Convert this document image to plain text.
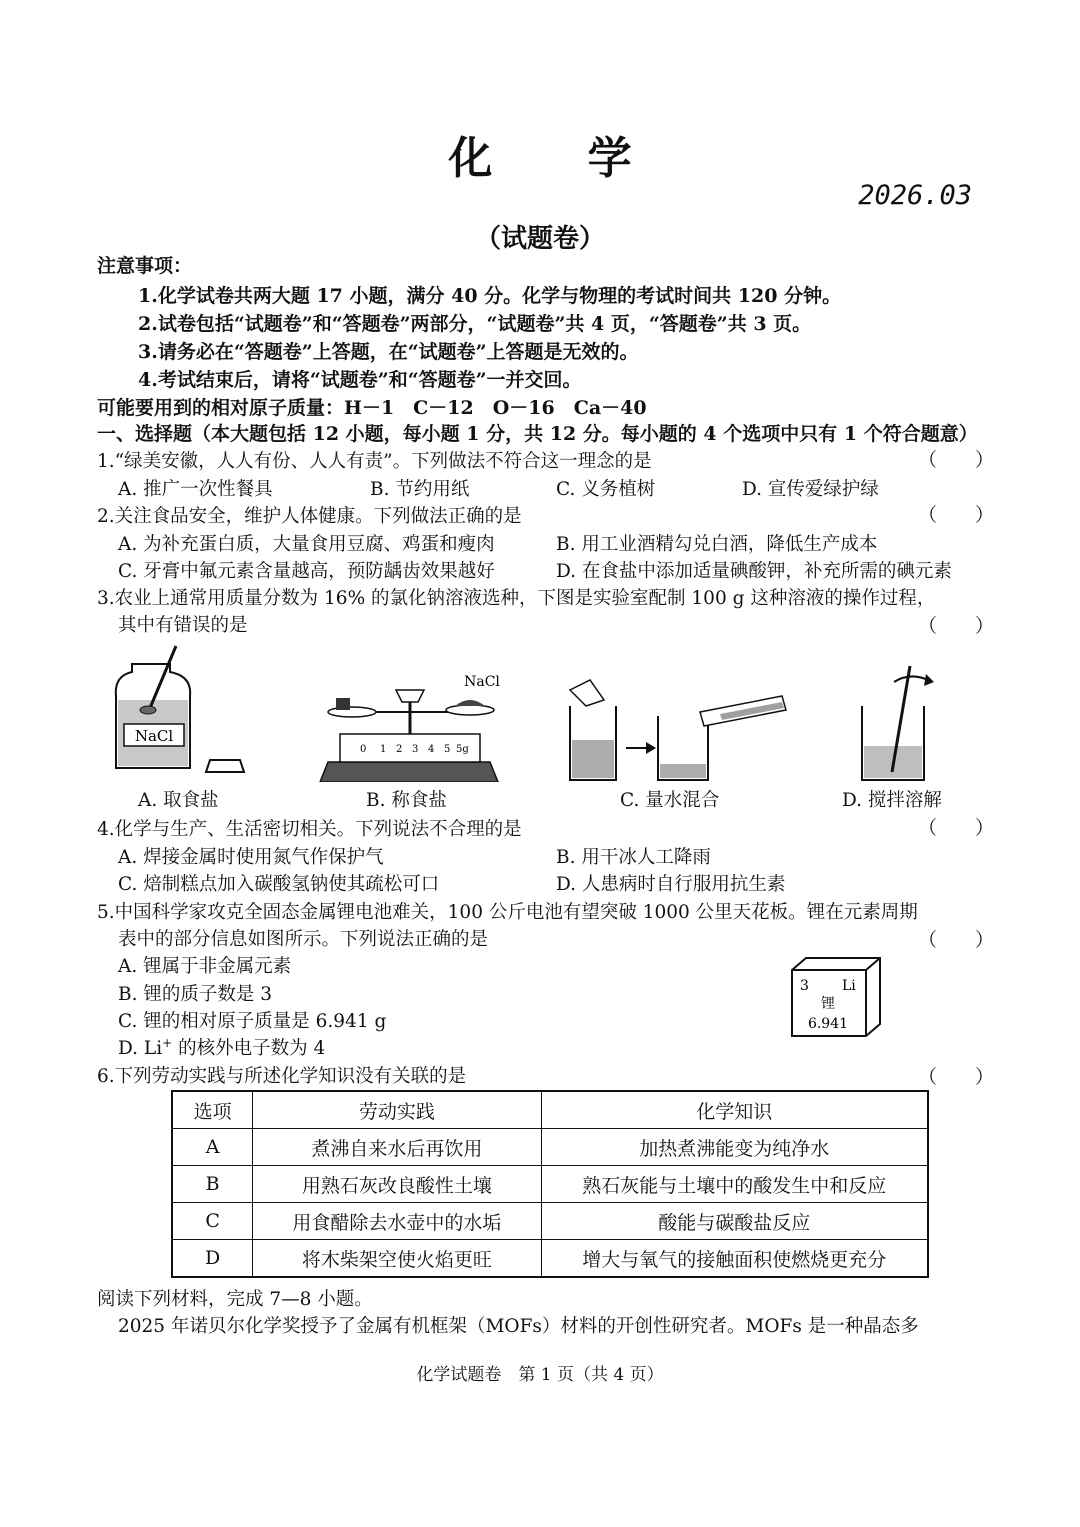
化 学
2026.03
（试题卷）
注意事项：
1.化学试卷共两大题 17 小题，满分 40 分。化学与物理的考试时间共 120 分钟。
2.试卷包括“试题卷”和“答题卷”两部分，“试题卷”共 4 页，“答题卷”共 3 页。
3.请务必在“答题卷”上答题，在“试题卷”上答题是无效的。
4.考试结束后，请将“试题卷”和“答题卷”一并交回。
可能要用到的相对原子质量：H－1　C－12　O－16　Ca－40
一、选择题（本大题包括 12 小题，每小题 1 分，共 12 分。每小题的 4 个选项中只有 1 个符合题意）
1.“绿美安徽，人人有份、人人有责”。下列做法不符合这一理念的是	（　　）
A. 推广一次性餐具	B. 节约用纸	C. 义务植树	D. 宣传爱绿护绿
2.关注食品安全，维护人体健康。下列做法正确的是	（　　）
A. 为补充蛋白质，大量食用豆腐、鸡蛋和瘦肉	B. 用工业酒精勾兑白酒，降低生产成本
C. 牙膏中氟元素含量越高，预防龋齿效果越好	D. 在食盐中添加适量碘酸钾，补充所需的碘元素
3.农业上通常用质量分数为 16% 的氯化钠溶液选种，下图是实验室配制 100 g 这种溶液的操作过程，
其中有错误的是	（　　）
NaCl
A. 取食盐
NaCl
0 1 2 3 4 5 5g
B. 称食盐	C. 量水混合	D. 搅拌溶解
4.化学与生产、生活密切相关。下列说法不合理的是	（　　）
A. 焊接金属时使用氮气作保护气	B. 用干冰人工降雨
C. 焙制糕点加入碳酸氢钠使其疏松可口	D. 人患病时自行服用抗生素
5.中国科学家攻克全固态金属锂电池难关，100 公斤电池有望突破 1000 公里天花板。锂在元素周期
表中的部分信息如图所示。下列说法正确的是	（　　）
A. 锂属于非金属元素
B. 锂的质子数是 3
C. 锂的相对原子质量是 6.941 g
D. Li+ 的核外电子数为 4
3 Li
锂
6.941
6.下列劳动实践与所述化学知识没有关联的是	（　　）
选项	劳动实践	化学知识
A	煮沸自来水后再饮用	加热煮沸能变为纯净水
B	用熟石灰改良酸性土壤	熟石灰能与土壤中的酸发生中和反应
C	用食醋除去水壶中的水垢	酸能与碳酸盐反应
D	将木柴架空使火焰更旺	增大与氧气的接触面积使燃烧更充分
阅读下列材料，完成 7—8 小题。
2025 年诺贝尔化学奖授予了金属有机框架（MOFs）材料的开创性研究者。MOFs 是一种晶态多
化学试题卷　第 1 页（共 4 页）
